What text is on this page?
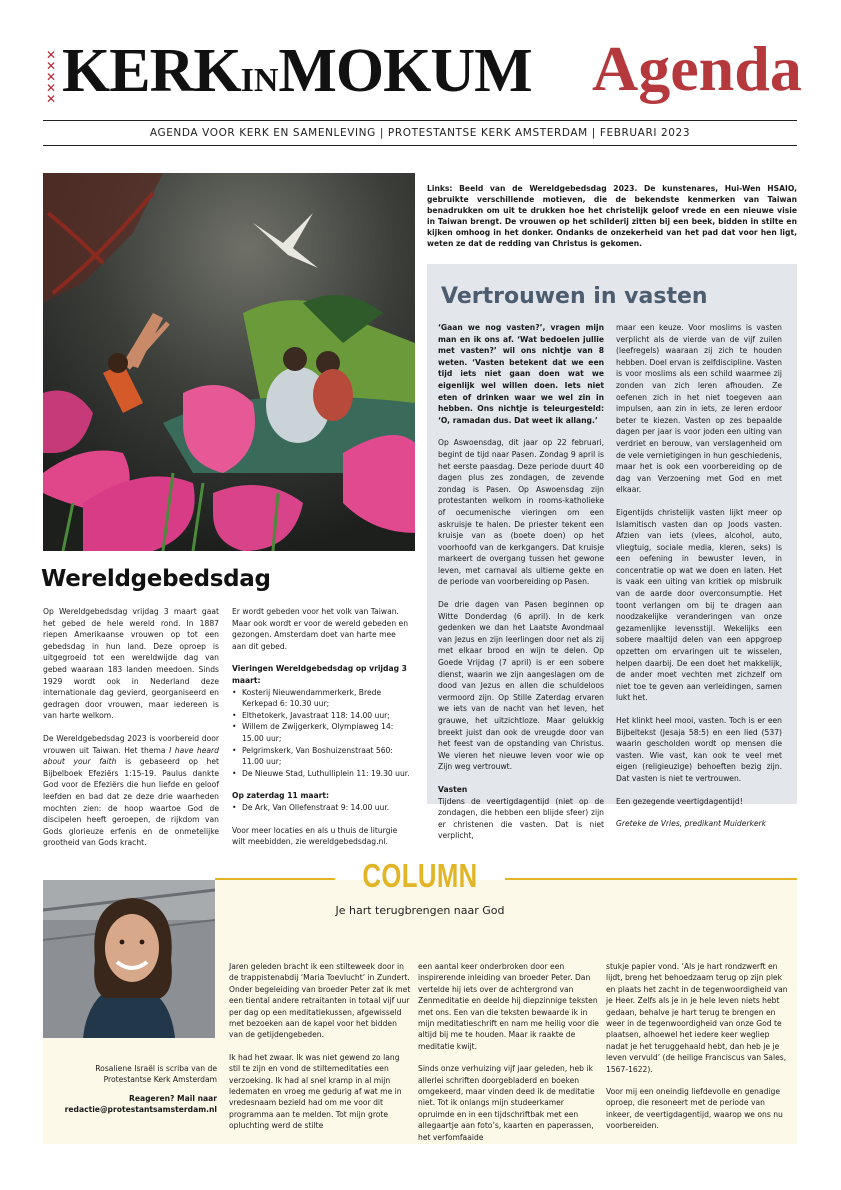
✕
✕
✕
✕
✕ KERKINMOKUM Agenda
AGENDA VOOR KERK EN SAMENLEVING | PROTESTANTSE KERK AMSTERDAM | FEBRUARI 2023
Links: Beeld van de Wereldgebedsdag 2023. De kunstenares, Hui-Wen HSAIO, gebruikte verschillende motieven, die de bekendste kenmerken van Taiwan benadrukken om uit te drukken hoe het christelijk geloof vrede en een nieuwe visie in Taiwan brengt. De vrouwen op het schilderij zitten bij een beek, bidden in stilte en kijken omhoog in het donker. Ondanks de onzekerheid van het pad dat voor hen ligt, weten ze dat de redding van Christus is gekomen.
Vertrouwen in vasten

‘Gaan we nog vasten?’, vragen mijn man en ik ons af. ‘Wat bedoelen jullie met vasten?’ wil ons nichtje van 8 weten. ‘Vasten betekent dat we een tijd iets niet gaan doen wat we eigenlijk wel willen doen. Iets niet eten of drinken waar we wel zin in hebben. Ons nichtje is teleurgesteld: ‘O, ramadan dus. Dat weet ik allang.’

Op Aswoensdag, dit jaar op 22 februari, begint de tijd naar Pasen. Zondag 9 april is het eerste paasdag. Deze periode duurt 40 dagen plus zes zondagen, de zevende zondag is Pasen. Op Aswoensdag zijn protestanten welkom in rooms-katholieke of oecumenische vieringen om een askruisje te halen. De priester tekent een kruisje van as (boete doen) op het voorhoofd van de kerkgangers. Dat kruisje markeert de overgang tussen het gewone leven, met carnaval als ultieme gekte en de periode van voorbereiding op Pasen.

De drie dagen van Pasen beginnen op Witte Donderdag (6 april). In de kerk gedenken we dan het Laatste Avondmaal van Jezus en zijn leerlingen door net als zij met elkaar brood en wijn te delen. Op Goede Vrijdag (7 april) is er een sobere dienst, waarin we zijn aangeslagen om de dood van Jezus en allen die schuldeloos vermoord zijn. Op Stille Zaterdag ervaren we iets van de nacht van het leven, het grauwe, het uitzichtloze. Maar gelukkig breekt juist dan ook de vreugde door van het feest van de opstanding van Christus. We vieren het nieuwe leven voor wie op Zijn weg vertrouwt.

Vasten

Tijdens de veertigdagentijd (niet op de zondagen, die hebben een blijde sfeer) zijn er christenen die vasten. Dat is niet verplicht,

maar een keuze. Voor moslims is vasten verplicht als de vierde van de vijf zuilen (leefregels) waaraan zij zich te houden hebben. Doel ervan is zelfdiscipline. Vasten is voor moslims als een schild waarmee zij zonden van zich leren afhouden. Ze oefenen zich in het niet toegeven aan impulsen, aan zin in iets, ze leren erdoor beter te kiezen. Vasten op zes bepaalde dagen per jaar is voor joden een uiting van verdriet en berouw, van verslagenheid om de vele vernietigingen in hun geschiedenis, maar het is ook een voorbereiding op de dag van Verzoening met God en met elkaar.

Eigentijds christelijk vasten lijkt meer op Islamitisch vasten dan op Joods vasten. Afzien van iets (vlees, alcohol, auto, vliegtuig, sociale media, kleren, seks) is een oefening in bewuster leven, in concentratie op wat we doen en laten. Het is vaak een uiting van kritiek op misbruik van de aarde door overconsumptie. Het toont verlangen om bij te dragen aan noodzakelijke veranderingen van onze gezamenlijke levensstijl. Wekelijks een sobere maaltijd delen van een appgroep opzetten om ervaringen uit te wisselen, helpen daarbij. De een doet het makkelijk, de ander moet vechten met zichzelf om niet toe te geven aan verleidingen, samen lukt het.

Het klinkt heel mooi, vasten. Toch is er een Bijbeltekst (Jesaja 58:5) en een lied (537) waarin gescholden wordt op mensen die vasten. Wie vast, kan ook te veel met eigen (religieuzige) behoeften bezig zijn. Dat vasten is niet te vertrouwen.

Een gezegende veertigdagentijd!

Greteke de Vries, predikant Muiderkerk

Wereldgebedsdag

Op Wereldgebedsdag vrijdag 3 maart gaat het gebed de hele wereld rond. In 1887 riepen Amerikaanse vrouwen op tot een gebedsdag in hun land. Deze oproep is uitgegroeid tot een wereldwijde dag van gebed waaraan 183 landen meedoen. Sinds 1929 wordt ook in Nederland deze internationale dag gevierd, georganiseerd en gedragen door vrouwen, maar iedereen is van harte welkom.

De Wereldgebedsdag 2023 is voorbereid door vrouwen uit Taiwan. Het thema I have heard about your faith is gebaseerd op het Bijbelboek Efeziërs 1:15-19. Paulus dankte God voor de Efeziërs die hun liefde en geloof leefden en bad dat ze deze drie waarheden mochten zien: de hoop waartoe God de discipelen heeft geroepen, de rijkdom van Gods glorieuze erfenis en de onmetelijke grootheid van Gods kracht.

Er wordt gebeden voor het volk van Taiwan. Maar ook wordt er voor de wereld gebeden en gezongen. Amsterdam doet van harte mee aan dit gebed.

Vieringen Wereldgebedsdag op vrijdag 3 maart:

• Kosterij Nieuwendammerkerk, Brede Kerkepad 6: 10.30 uur;
• Elthetokerk, Javastraat 118: 14.00 uur;
• Willem de Zwijgerkerk, Olympiaweg 14: 15.00 uur;
• Pelgrimskerk, Van Boshuizenstraat 560: 11.00 uur;
• De Nieuwe Stad, Luthulliplein 11: 19.30 uur.

Op zaterdag 11 maart:

• De Ark, Van Ollefenstraat 9: 14.00 uur.

Voor meer locaties en als u thuis de liturgie wilt meebidden, zie wereldgebedsdag.nl.

COLUMN
Je hart terugbrengen naar God

Rosaliene Israël is scriba van de Protestantse Kerk Amsterdam

Reageren? Mail naar redactie@protestantsamsterdam.nl

Jaren geleden bracht ik een stilteweek door in de trappistenabdij ‘Maria Toevlucht’ in Zundert. Onder begeleiding van broeder Peter zat ik met een tiental andere retraitanten in totaal vijf uur per dag op een meditatiekussen, afgewisseld met bezoeken aan de kapel voor het bidden van de getijdengebeden.

Ik had het zwaar. Ik was niet gewend zo lang stil te zijn en vond de stiltemeditaties een verzoeking. Ik had al snel kramp in al mijn ledematen en vroeg me gedurig af wat me in vredesnaam bezield had om me voor dit programma aan te melden. Tot mijn grote opluchting werd de stilte

een aantal keer onderbroken door een inspirerende inleiding van broeder Peter. Dan vertelde hij iets over de achtergrond van Zenmeditatie en deelde hij diepzinnige teksten met ons. Een van die teksten bewaarde ik in mijn meditatieschrift en nam me heilig voor die altijd bij me te houden. Maar ik raakte de meditatie kwijt.

Sinds onze verhuizing vijf jaar geleden, heb ik allerlei schriften doorgebladerd en boeken omgekeerd, maar vinden deed ik de meditatie niet. Tot ik onlangs mijn studeerkamer opruimde en in een tijdschriftbak met een allegaartje aan foto’s, kaarten en paperassen, het verfomfaaide

stukje papier vond. ‘Als je hart rondzwerft en lijdt, breng het behoedzaam terug op zijn plek en plaats het zacht in de tegenwoordigheid van je Heer. Zelfs als je in je hele leven niets hebt gedaan, behalve je hart terug te brengen en weer in de tegenwoordigheid van onze God te plaatsen, alhoewel het iedere keer wegliep nadat je het teruggehaald hebt, dan heb je je leven vervuld’ (de heilige Franciscus van Sales, 1567-1622).

Voor mij een oneindig liefdevolle en genadige oproep, die resoneert met de periode van inkeer, de veertigdagentijd, waarop we ons nu voorbereiden.
